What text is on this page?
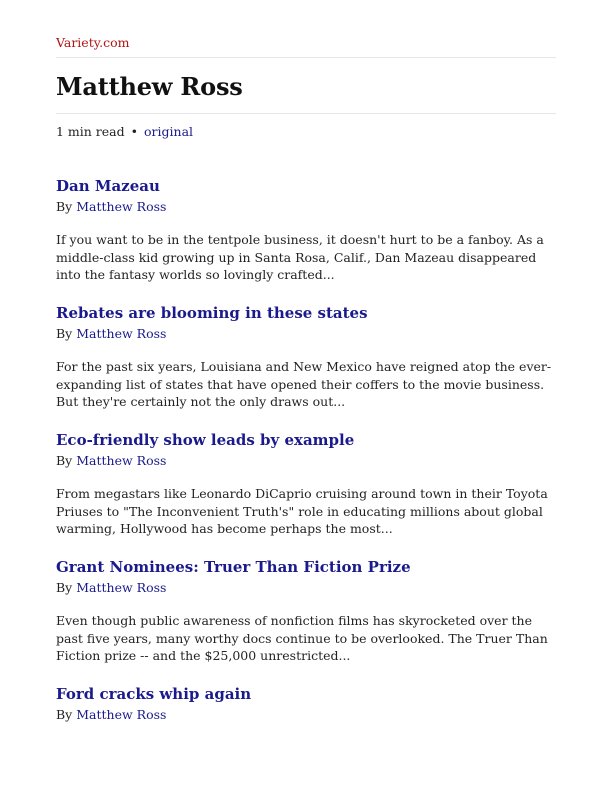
Variety.com
Matthew Ross
1 min read • original
Dan Mazeau
By Matthew Ross

If you want to be in the tentpole business, it doesn't hurt to be a fanboy. As a middle-class kid growing up in Santa Rosa, Calif., Dan Mazeau disappeared into the fantasy worlds so lovingly crafted...

Rebates are blooming in these states
By Matthew Ross

For the past six years, Louisiana and New Mexico have reigned atop the ever-expanding list of states that have opened their coffers to the movie business. But they're certainly not the only draws out...

Eco-friendly show leads by example
By Matthew Ross

From megastars like Leonardo DiCaprio cruising around town in their Toyota Priuses to "The Inconvenient Truth's" role in educating millions about global warming, Hollywood has become perhaps the most...

Grant Nominees: Truer Than Fiction Prize
By Matthew Ross

Even though public awareness of nonfiction films has skyrocketed over the past five years, many worthy docs continue to be overlooked. The Truer Than Fiction prize -- and the $25,000 unrestricted...

Ford cracks whip again
By Matthew Ross
